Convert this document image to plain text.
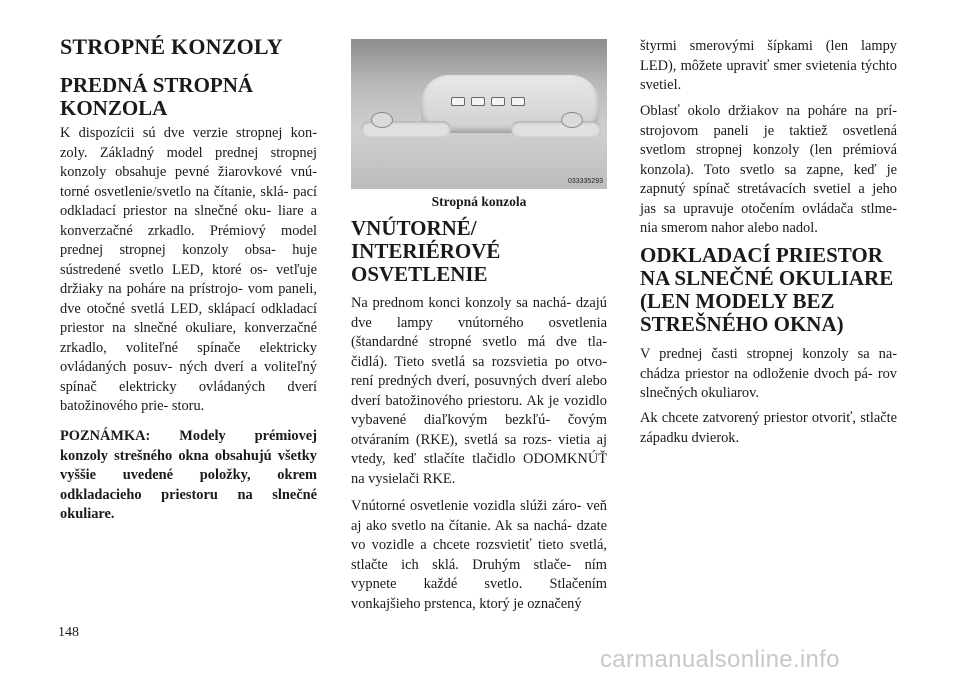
STROPNÉ KONZOLY
PREDNÁ STROPNÁ KONZOLA

K dispozícii sú dve verzie stropnej kon- zoly. Základný model prednej stropnej konzoly obsahuje pevné žiarovkové vnú- torné osvetlenie/svetlo na čítanie, sklá- pací odkladací priestor na slnečné oku- liare a konverzačné zrkadlo. Prémiový model prednej stropnej konzoly obsa- huje sústredené svetlo LED, ktoré os- vetľuje držiaky na poháre na prístrojo- vom paneli, dve otočné svetlá LED, sklápací odkladací priestor na slnečné okuliare, konverzačné zrkadlo, voliteľné spínače elektricky ovládaných posuv- ných dverí a voliteľný spínač elektricky ovládaných dverí batožinového prie- storu.

POZNÁMKA: Modely prémiovej konzoly strešného okna obsahujú všetky vyššie uvedené položky, okrem odkladacieho priestoru na slnečné okuliare.

033335293
Stropná konzola
VNÚTORNÉ/ INTERIÉROVÉ OSVETLENIE

Na prednom konci konzoly sa nachá- dzajú dve lampy vnútorného osvetlenia (štandardné stropné svetlo má dve tla- čidlá). Tieto svetlá sa rozsvietia po otvo- rení predných dverí, posuvných dverí alebo dverí batožinového priestoru. Ak je vozidlo vybavené diaľkovým bezkľú- čovým otváraním (RKE), svetlá sa rozs- vietia aj vtedy, keď stlačíte tlačidlo ODOMKNÚŤ na vysielači RKE.

Vnútorné osvetlenie vozidla slúži záro- veň aj ako svetlo na čítanie. Ak sa nachá- dzate vo vozidle a chcete rozsvietiť tieto svetlá, stlačte ich sklá. Druhým stlače- ním vypnete každé svetlo. Stlačením vonkajšieho prstenca, ktorý je označený

štyrmi smerovými šípkami (len lampy LED), môžete upraviť smer svietenia týchto svetiel.

Oblasť okolo držiakov na poháre na prí- strojovom paneli je taktiež osvetlená svetlom stropnej konzoly (len prémiová konzola). Toto svetlo sa zapne, keď je zapnutý spínač stretávacích svetiel a jeho jas sa upravuje otočením ovládača stlme- nia smerom nahor alebo nadol.

ODKLADACÍ PRIESTOR NA SLNEČNÉ OKULIARE (LEN MODELY BEZ STREŠNÉHO OKNA)

V prednej časti stropnej konzoly sa na- chádza priestor na odloženie dvoch pá- rov slnečných okuliarov.

Ak chcete zatvorený priestor otvoriť, stlačte západku dvierok.

148
carmanualsonline.info
